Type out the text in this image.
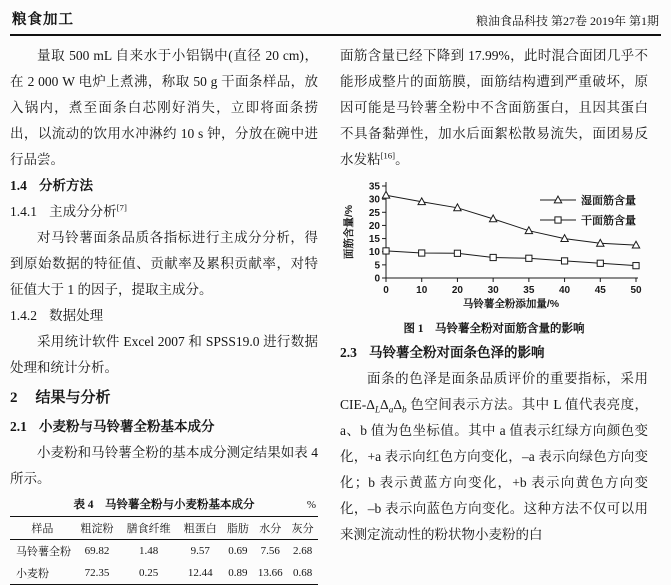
粮食加工	粮油食品科技 第27卷 2019年 第1期

量取 500 mL 自来水于小铝锅中(直径 20 cm)，在 2 000 W 电炉上煮沸，称取 50 g 干面条样品，放入锅内，煮至面条白芯刚好消失，立即将面条捞出，以流动的饮用水冲淋约 10 s 钟，分放在碗中进行品尝。

1.4 分析方法
1.4.1 主成分分析[7]

对马铃薯面条品质各指标进行主成分分析，得到原始数据的特征值、贡献率及累积贡献率，对特征值大于 1 的因子，提取主成分。

1.4.2 数据处理

采用统计软件 Excel 2007 和 SPSS19.0 进行数据处理和统计分析。

2 结果与分析
2.1 小麦粉与马铃薯全粉基本成分

小麦粉和马铃薯全粉的基本成分测定结果如表 4 所示。

表 4　马铃薯全粉与小麦粉基本成分	%
样品	粗淀粉	膳食纤维	粗蛋白	脂肪	水分	灰分
马铃薯全粉	69.82	1.48	9.57	0.69	7.56	2.68
小麦粉	72.35	0.25	12.44	0.89	13.66	0.68

面筋含量已经下降到 17.99%，此时混合面团几乎不能形成整片的面筋膜，面筋结构遭到严重破坏，原因可能是马铃薯全粉中不含面筋蛋白，且因其蛋白不具备黏弹性，加水后面絮松散易流失，面团易反水发粘[16]。

0
5
10
15
20
25
30
35
0	10 20 30 35 40 45 50
面筋含量/%
马铃薯全粉添加量/%
湿面筋含量
干面筋含量
图 1　马铃薯全粉对面筋含量的影响
2.3 马铃薯全粉对面条色泽的影响

面条的色泽是面条品质评价的重要指标，采用 CIE-$\Delta_L\Delta_a\Delta_b$ 色空间表示方法。其中 L 值代表亮度，a、b 值为色坐标值。其中 a 值表示红绿方向颜色变化，+a 表示向红色方向变化，–a 表示向绿色方向变化；b 表示黄蓝方向变化，+b 表示向黄色方向变化，–b 表示向蓝色方向变化。这种方法不仅可以用来测定流动性的粉状物小麦粉的白
